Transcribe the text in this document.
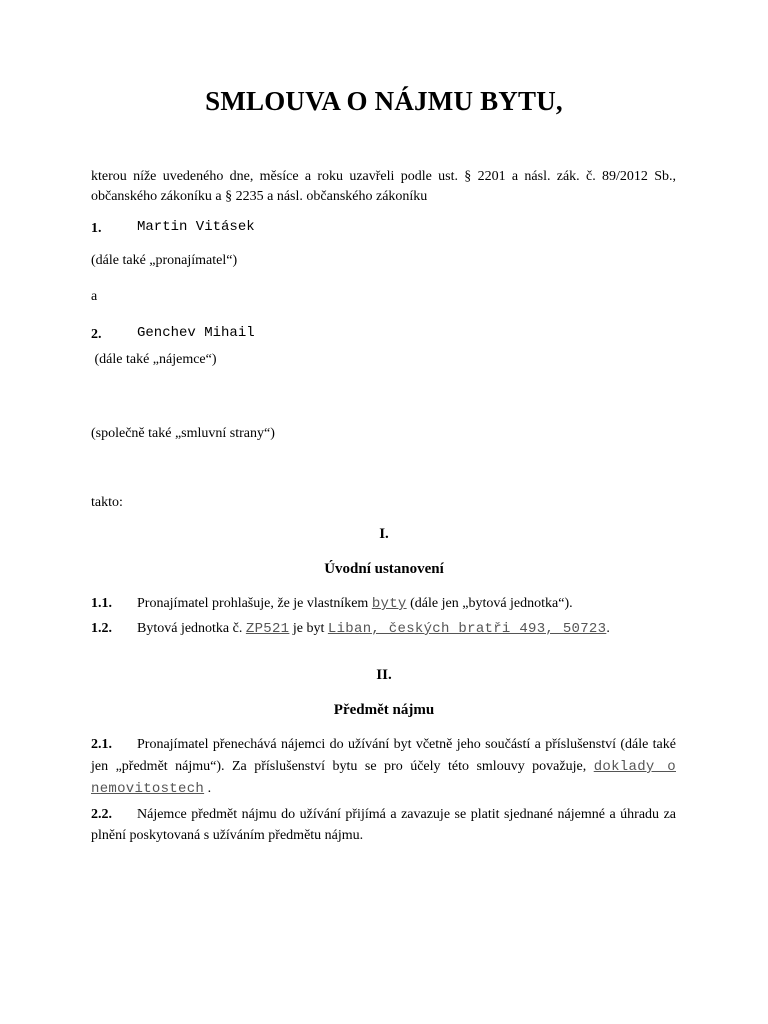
SMLOUVA O NÁJMU BYTU,
kterou níže uvedeného dne, měsíce a roku uzavřeli podle ust. § 2201 a násl. zák. č. 89/2012 Sb., občanského zákoníku a § 2235 a násl. občanského zákoníku
1.	Martin Vitásek
(dále také „pronajímatel“)
a
2.	Genchev Mihail
(dále také „nájemce“)
(společně také „smluvní strany“)
takto:
I.
Úvodní ustanovení
1.1. Pronajímatel prohlašuje, že je vlastníkem byty (dále jen „bytová jednotka“).
1.2. Bytová jednotka č. ZP521 je byt Liban, českých bratři 493, 50723.
II.
Předmět nájmu
2.1. Pronajímatel přenechává nájemci do užívání byt včetně jeho součástí a příslušenství (dále také jen „předmět nájmu“). Za příslušenství bytu se pro účely této smlouvy považuje, doklady o nemovitostech .
2.2. Nájemce předmět nájmu do užívání přijímá a zavazuje se platit sjednané nájemné a úhradu za plnění poskytovaná s užíváním předmětu nájmu.
